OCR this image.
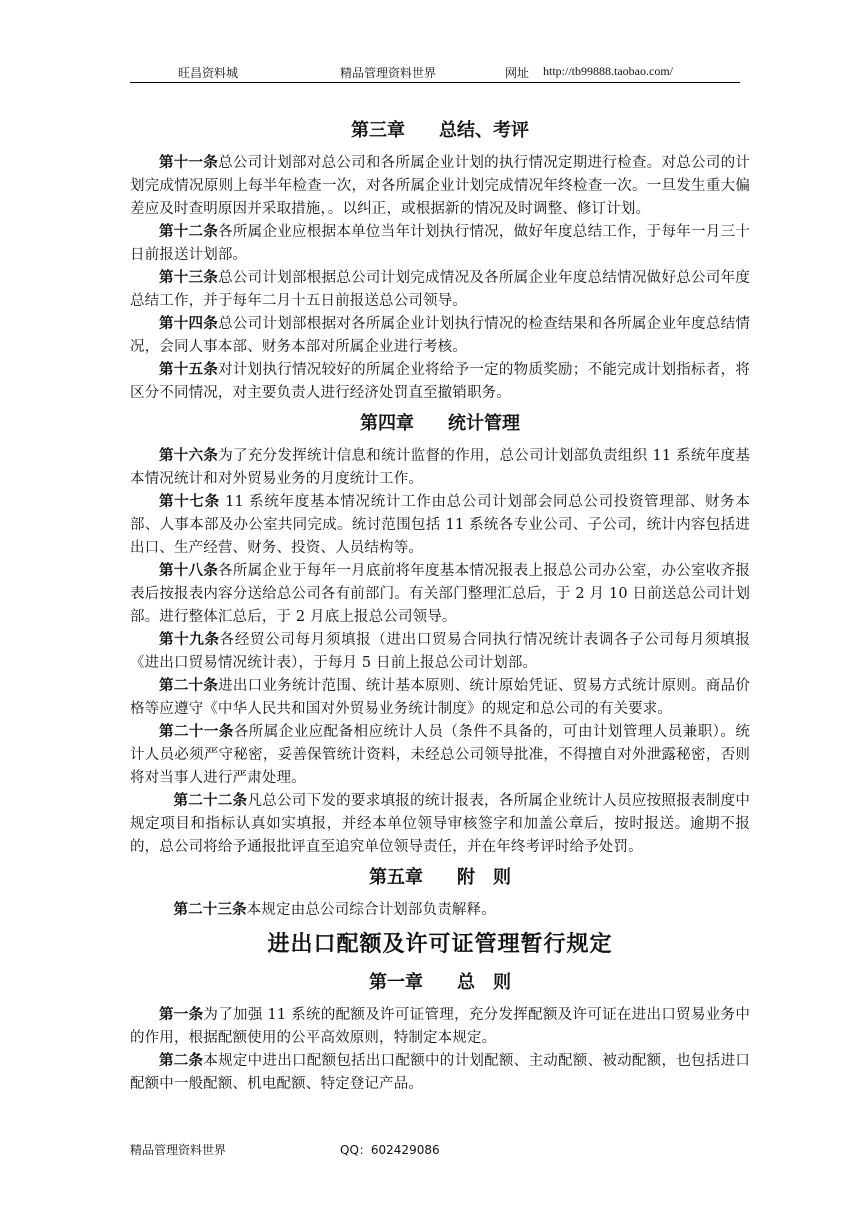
旺昌资料城	精品管理资料世界	网址 http://tb99888.taobao.com/
第三章 总结、考评

第十一条总公司计划部对总公司和各所属企业计划的执行情况定期进行检查。对总公司的计划完成情况原则上每半年检查一次，对各所属企业计划完成情况年终检查一次。一旦发生重大偏差应及时查明原因并采取措施，。以纠正，或根据新的情况及时调整、修订计划。

第十二条各所属企业应根据本单位当年计划执行情况，做好年度总结工作，于每年一月三十日前报送计划部。

第十三条总公司计划部根据总公司计划完成情况及各所属企业年度总结情况做好总公司年度总结工作，并于每年二月十五日前报送总公司领导。

第十四条总公司计划部根据对各所属企业计划执行情况的检查结果和各所属企业年度总结情况，会同人事本部、财务本部对所属企业进行考核。

第十五条对计划执行情况较好的所属企业将给予一定的物质奖励；不能完成计划指标者，将区分不同情况，对主要负责人进行经济处罚直至撤销职务。

第四章 统计管理

第十六条为了充分发挥统计信息和统计监督的作用，总公司计划部负责组织 11 系统年度基本情况统计和对外贸易业务的月度统计工作。

第十七条 11 系统年度基本情况统计工作由总公司计划部会同总公司投资管理部、财务本部、人事本部及办公室共同完成。统讨范围包括 11 系统各专业公司、子公司，统计内容包括进出口、生产经营、财务、投资、人员结构等。

第十八条各所属企业于每年一月底前将年度基本情况报表上报总公司办公室，办公室收齐报表后按报表内容分送给总公司各有前部门。有关部门整理汇总后，于 2 月 10 日前送总公司计划部。进行整体汇总后，于 2 月底上报总公司领导。

第十九条各经贸公司每月须填报（进出口贸易合同执行情况统计表调各子公司每月须填报《进出口贸易情况统计表），于每月 5 日前上报总公司计划部。

第二十条进出口业务统计范围、统计基本原则、统计原始凭证、贸易方式统计原则。商品价格等应遵守《中华人民共和国对外贸易业务统计制度》的规定和总公司的有关要求。

第二十一条各所属企业应配备相应统计人员（条件不具备的，可由计划管理人员兼职）。统计人员必须严守秘密，妥善保管统计资料，未经总公司领导批准，不得擅自对外泄露秘密，否则将对当事人进行严肃处理。

第二十二条凡总公司下发的要求填报的统计报表，各所属企业统计人员应按照报表制度中规定项目和指标认真如实填报，并经本单位领导审核签字和加盖公章后，按时报送。逾期不报的，总公司将给予通报批评直至追究单位领导责任，并在年终考评时给予处罚。

第五章 附　则

第二十三条本规定由总公司综合计划部负责解释。

进出口配额及许可证管理暂行规定
第一章 总　则

第一条为了加强 11 系统的配额及许可证管理，充分发挥配额及许可证在进出口贸易业务中的作用，根据配额使用的公平高效原则，特制定本规定。

第二条本规定中进出口配额包括出口配额中的计划配额、主动配额、被动配额，也包括进口配额中一般配额、机电配额、特定登记产品。

精品管理资料世界	QQ：602429086
